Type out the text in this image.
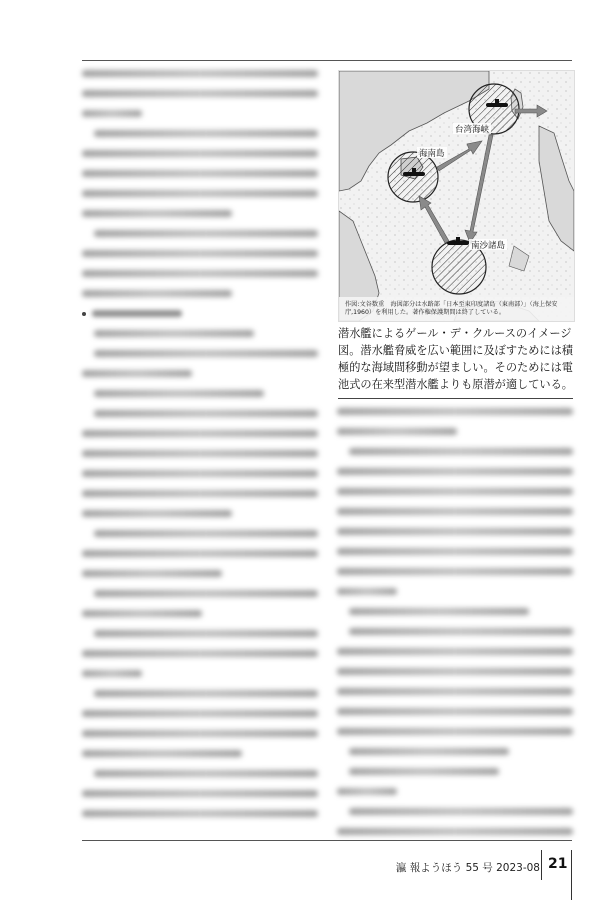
台湾海峡
海南島
南沙諸島
作図:文谷数重　海図部分は水路部「日本至東印度諸島（東南部）」（海上保安庁,1960）を利用した。著作権保護期間は終了している。
潜水艦によるゲール・デ・クルースのイメージ図。潜水艦脅威を広い範囲に及ぼすためには積極的な海域間移動が望ましい。そのためには電池式の在来型潜水艦よりも原潜が適している。
瀛 報ようほう 55 号 2023-08 21
